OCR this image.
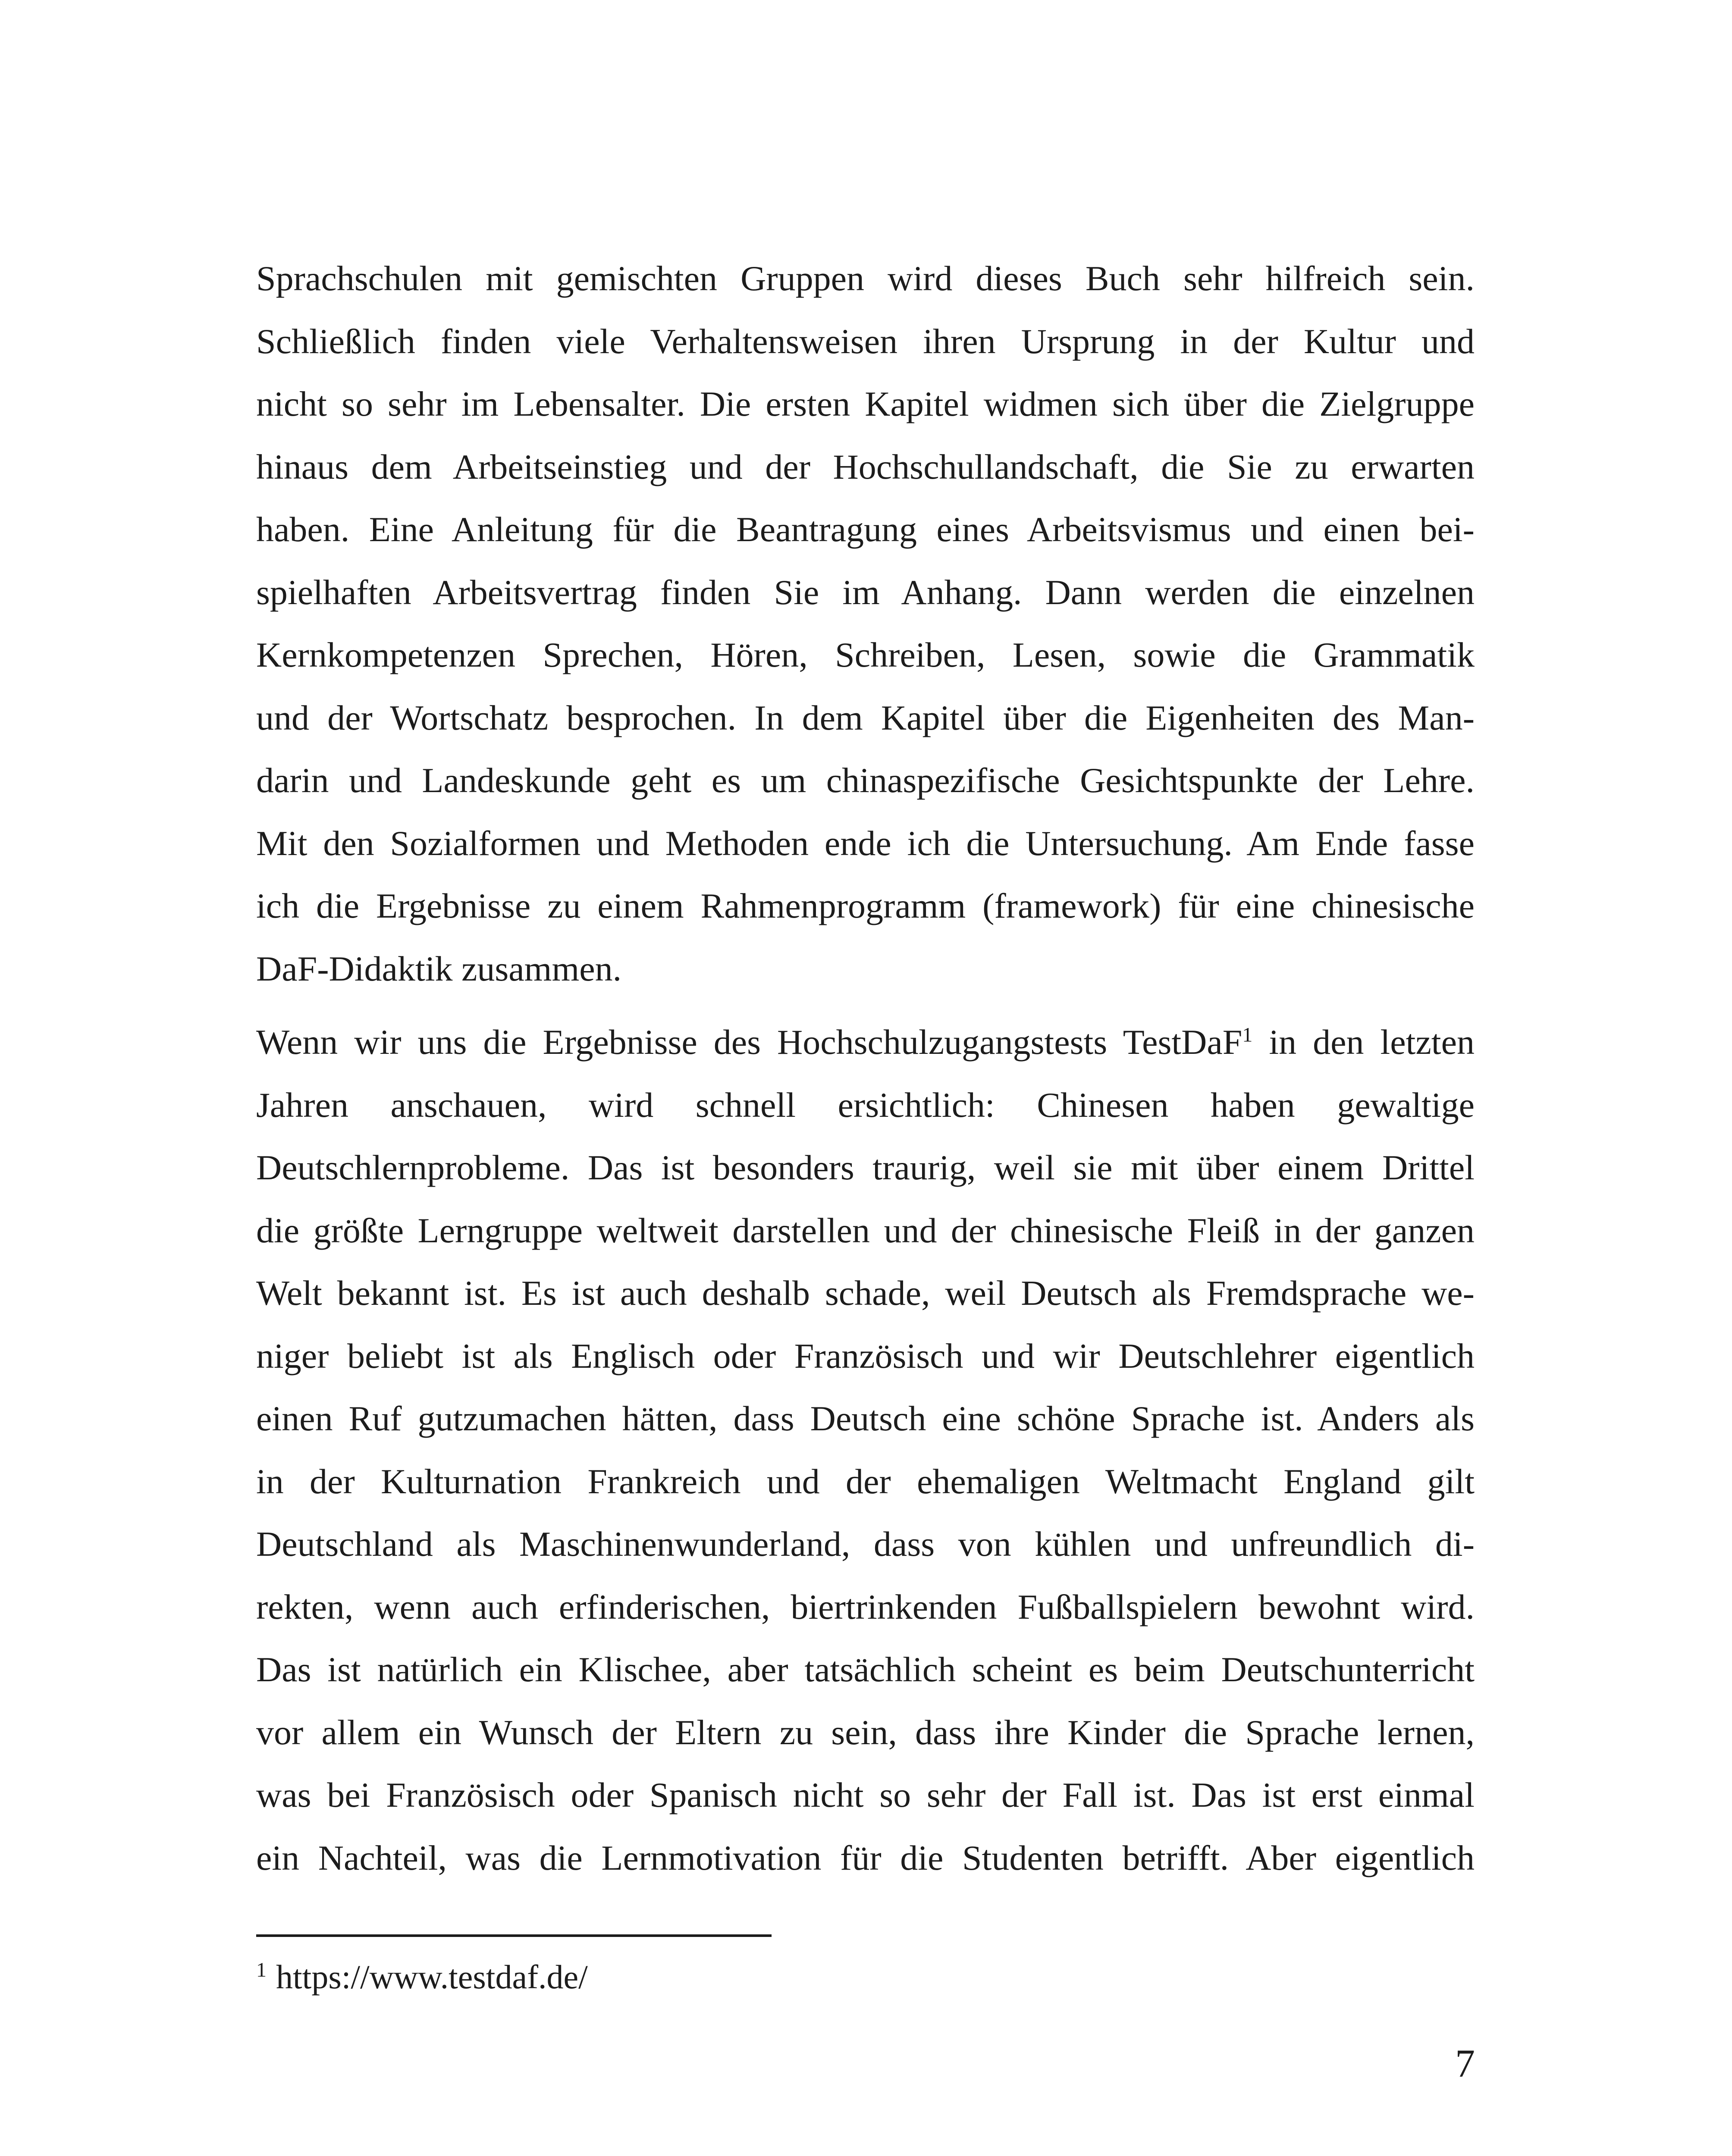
Sprachschulen mit gemischten Gruppen wird dieses Buch sehr hilfreich sein.
Schließlich finden viele Verhaltensweisen ihren Ursprung in der Kultur und
nicht so sehr im Lebensalter. Die ersten Kapitel widmen sich über die Zielgruppe
hinaus dem Arbeitseinstieg und der Hochschullandschaft, die Sie zu erwarten
haben. Eine Anleitung für die Beantragung eines Arbeitsvismus und einen bei-
spielhaften Arbeitsvertrag finden Sie im Anhang. Dann werden die einzelnen
Kernkompetenzen Sprechen, Hören, Schreiben, Lesen, sowie die Grammatik
und der Wortschatz besprochen. In dem Kapitel über die Eigenheiten des Man-
darin und Landeskunde geht es um chinaspezifische Gesichtspunkte der Lehre.
Mit den Sozialformen und Methoden ende ich die Untersuchung. Am Ende fasse
ich die Ergebnisse zu einem Rahmenprogramm (framework) für eine chinesische
DaF-Didaktik zusammen.
Wenn wir uns die Ergebnisse des Hochschulzugangstests TestDaF$^1$ in den letzten
Jahren anschauen, wird schnell ersichtlich: Chinesen haben gewaltige
Deutschlernprobleme. Das ist besonders traurig, weil sie mit über einem Drittel
die größte Lerngruppe weltweit darstellen und der chinesische Fleiß in der ganzen
Welt bekannt ist. Es ist auch deshalb schade, weil Deutsch als Fremdsprache we-
niger beliebt ist als Englisch oder Französisch und wir Deutschlehrer eigentlich
einen Ruf gutzumachen hätten, dass Deutsch eine schöne Sprache ist. Anders als
in der Kulturnation Frankreich und der ehemaligen Weltmacht England gilt
Deutschland als Maschinenwunderland, dass von kühlen und unfreundlich di-
rekten, wenn auch erfinderischen, biertrinkenden Fußballspielern bewohnt wird.
Das ist natürlich ein Klischee, aber tatsächlich scheint es beim Deutschunterricht
vor allem ein Wunsch der Eltern zu sein, dass ihre Kinder die Sprache lernen,
was bei Französisch oder Spanisch nicht so sehr der Fall ist. Das ist erst einmal
ein Nachteil, was die Lernmotivation für die Studenten betrifft. Aber eigentlich
$^1$ https://www.testdaf.de/
7
